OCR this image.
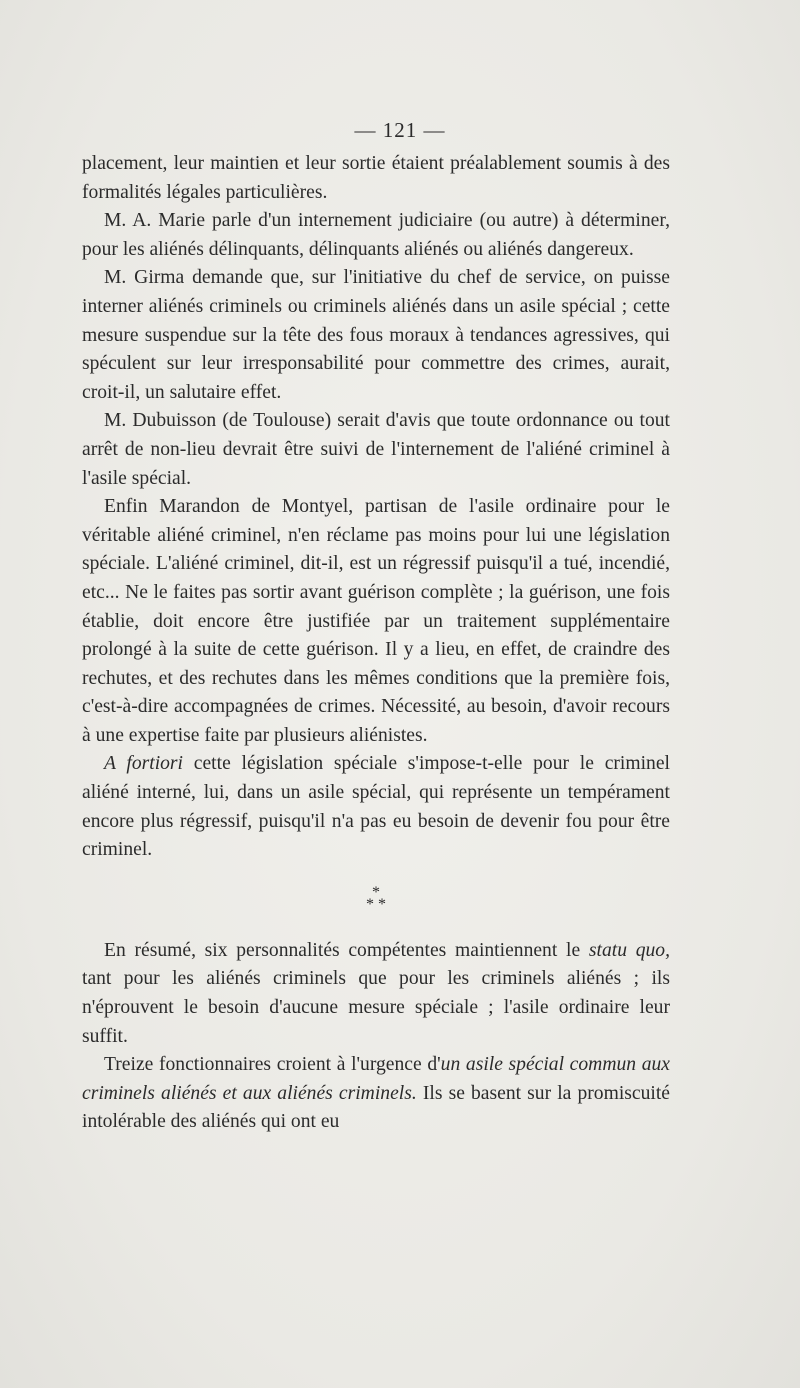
— 121 —

placement, leur maintien et leur sortie étaient préalablement soumis à des formalités légales particulières.

M. A. Marie parle d'un internement judiciaire (ou autre) à déterminer, pour les aliénés délinquants, délinquants aliénés ou aliénés dangereux.

M. Girma demande que, sur l'initiative du chef de service, on puisse interner aliénés criminels ou criminels aliénés dans un asile spécial ; cette mesure suspendue sur la tête des fous moraux à tendances agressives, qui spéculent sur leur irresponsabilité pour commettre des crimes, aurait, croit-il, un salutaire effet.

M. Dubuisson (de Toulouse) serait d'avis que toute ordonnance ou tout arrêt de non-lieu devrait être suivi de l'internement de l'aliéné criminel à l'asile spécial.

Enfin Marandon de Montyel, partisan de l'asile ordinaire pour le véritable aliéné criminel, n'en réclame pas moins pour lui une législation spéciale. L'aliéné criminel, dit-il, est un régressif puisqu'il a tué, incendié, etc... Ne le faites pas sortir avant guérison complète ; la guérison, une fois établie, doit encore être justifiée par un traitement supplémentaire prolongé à la suite de cette guérison. Il y a lieu, en effet, de craindre des rechutes, et des rechutes dans les mêmes conditions que la première fois, c'est-à-dire accompagnées de crimes. Nécessité, au besoin, d'avoir recours à une expertise faite par plusieurs aliénistes.

A fortiori cette législation spéciale s'impose-t-elle pour le criminel aliéné interné, lui, dans un asile spécial, qui représente un tempérament encore plus régressif, puisqu'il n'a pas eu besoin de devenir fou pour être criminel.

*
* *

En résumé, six personnalités compétentes maintiennent le statu quo, tant pour les aliénés criminels que pour les criminels aliénés ; ils n'éprouvent le besoin d'aucune mesure spéciale ; l'asile ordinaire leur suffit.

Treize fonctionnaires croient à l'urgence d'un asile spécial commun aux criminels aliénés et aux aliénés criminels. Ils se basent sur la promiscuité intolérable des aliénés qui ont eu
